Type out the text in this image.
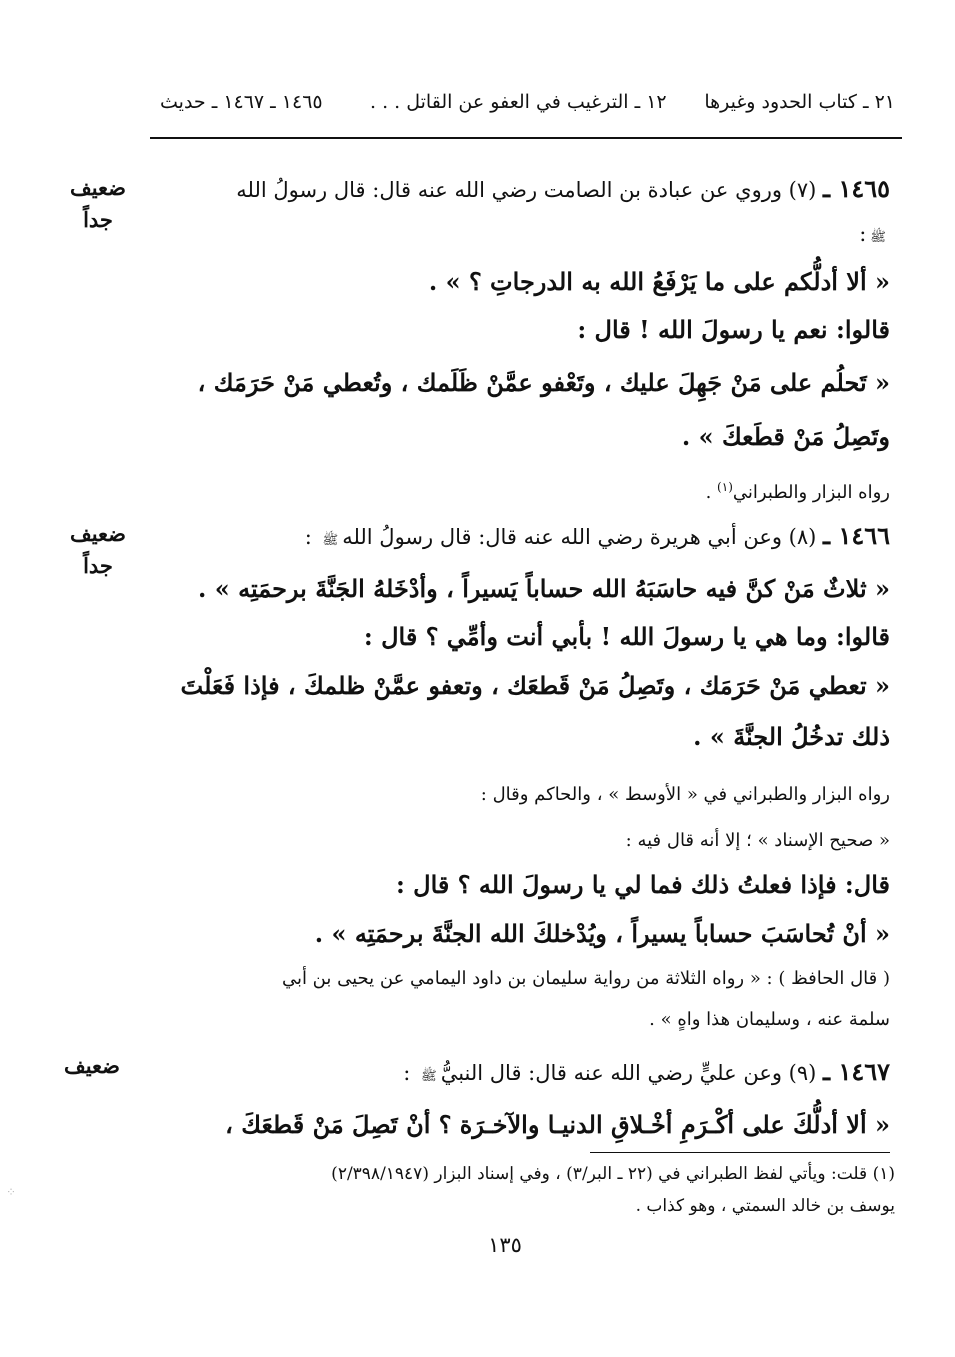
٢١ ـ كتاب الحدود وغيرها
١٢ ـ الترغيب في العفو عن القاتل . . .
١٤٦٥ ـ ١٤٦٧ ـ حديث
ضعيف
جداً
١٤٦٥ ـ (٧) وروي عن عبادة بن الصامت رضي الله عنه قال: قال رسولُ الله
ﷺ:
« ألا أدلُّكم على ما يَرْفَعُ الله به الدرجاتِ ؟ » .
قالوا: نعم يا رسولَ الله ! قال :
« تَحلُم على مَنْ جَهِلَ عليك ، وتَعْفو عمَّنْ ظَلَمك ، وتُعطي مَنْ حَرَمَك ،
وتَصِلُ مَنْ قطَعكَ » .
رواه البزار والطبراني$^{(١)}$ .
ضعيف
جداً
١٤٦٦ ـ (٨) وعن أبي هريرة رضي الله عنه قال: قال رسولُ اللهﷺ :
« ثلاثٌ مَنْ كنَّ فيه حاسَبَهُ الله حساباً يَسيراً ، وأدْخَلهُ الجَنَّةَ برحمَتِه » .
قالوا: وما هي يا رسولَ الله ! بأبي أنت وأمِّي ؟ قال :
« تعطي مَنْ حَرَمَك ، وتَصِلُ مَنْ قَطعَك ، وتعفو عمَّنْ ظلمكَ ، فإذا فَعَلْتَ
ذلك تدخُلُ الجنَّةَ » .
رواه البزار والطبراني في « الأوسط » ، والحاكم وقال :
« صحيح الإسناد » ؛ إلا أنه قال فيه :
قال: فإذا فعلتُ ذلك فما لي يا رسولَ الله ؟ قال :
« أنْ تُحاسَبَ حساباً يسيراً ، ويُدْخلكَ الله الجنَّةَ برحمَتِه » .
( قال الحافظ ) : « رواه الثلاثة من رواية سليمان بن داود اليمامي عن يحيى بن أبي
سلمة عنه ، وسليمان هذا واهٍ » .
ضعيف	١٤٦٧ ـ (٩) وعن عليٍّ رضي الله عنه قال: قال النبيُّﷺ :
« ألا أدلُّكَ على أكْـرَمِ أخْـلاقِ الدنيـا والآخـرَة ؟ أنْ تَصِلَ مَنْ قَطعَكَ ،
(١) قلت: ويأتي لفظ الطبراني في (٢٢ ـ البر/٣) ، وفي إسناد البزار (٢/٣٩٨/١٩٤٧)
يوسف بن خالد السمتي ، وهو كذاب .
١٣٥
⁘
